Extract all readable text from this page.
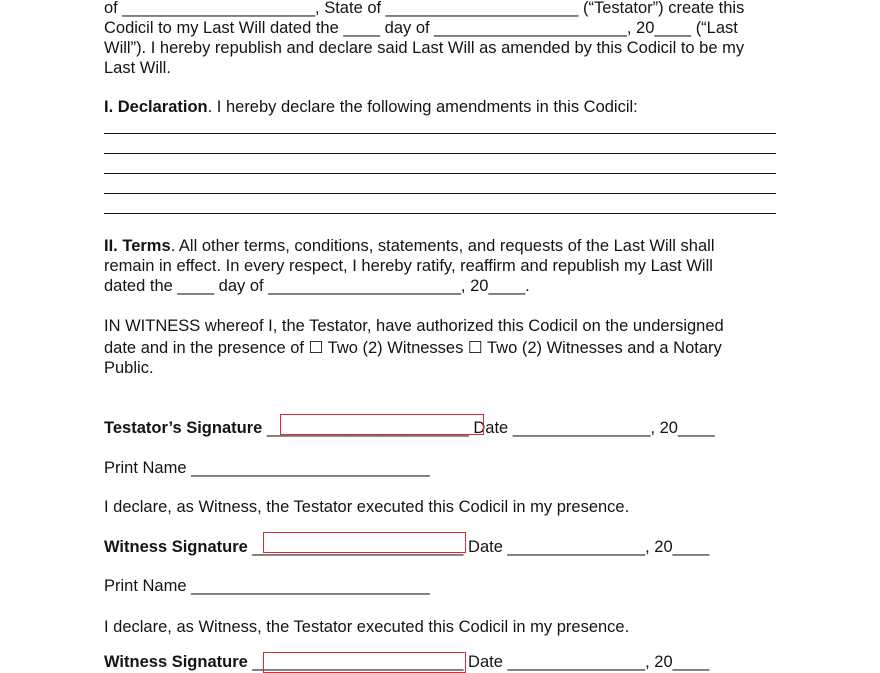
of _____________________, State of _____________________ (“Testator”) create this
Codicil to my Last Will dated the ____ day of _____________________, 20____ (“Last
Will”). I hereby republish and declare said Last Will as amended by this Codicil to be my
Last Will.
I. Declaration. I hereby declare the following amendments in this Codicil:
II. Terms. All other terms, conditions, statements, and requests of the Last Will shall
remain in effect. In every respect, I hereby ratify, reaffirm and republish my Last Will
dated the ____ day of _____________________, 20____.
IN WITNESS whereof I, the Testator, have authorized this Codicil on the undersigned
date and in the presence of ☐ Two (2) Witnesses ☐ Two (2) Witnesses and a Notary
Public.
Testator’s Signature ______________________ Date _______________, 20____
Print Name __________________________
I declare, as Witness, the Testator executed this Codicil in my presence.
Witness Signature _______________________ Date _______________, 20____
Print Name __________________________
I declare, as Witness, the Testator executed this Codicil in my presence.
Witness Signature _______________________ Date _______________, 20____
